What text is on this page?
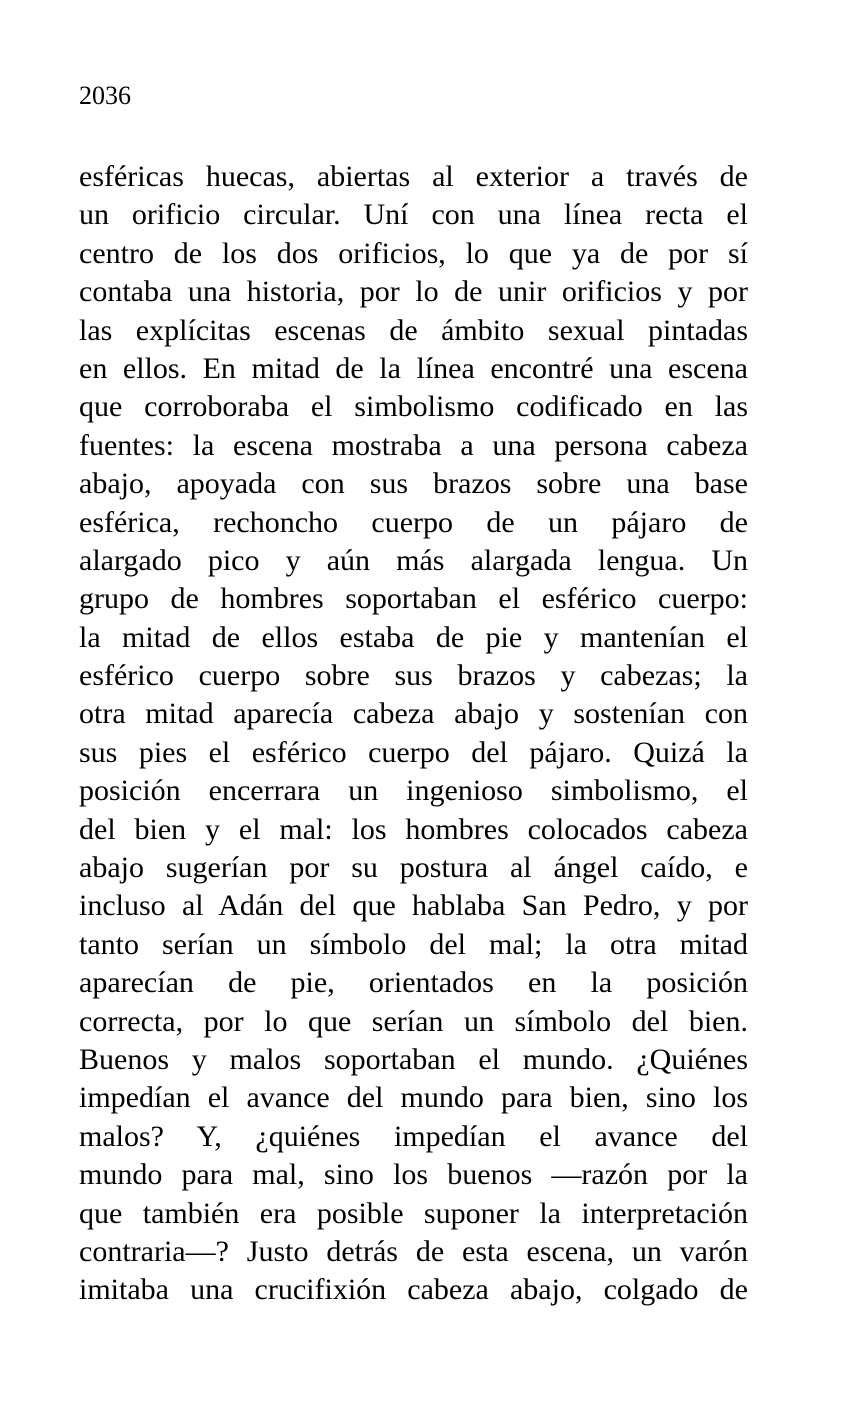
2036
esféricas huecas, abiertas al exterior a través de
un orificio circular. Uní con una línea recta el
centro de los dos orificios, lo que ya de por sí
contaba una historia, por lo de unir orificios y por
las explícitas escenas de ámbito sexual pintadas
en ellos. En mitad de la línea encontré una escena
que corroboraba el simbolismo codificado en las
fuentes: la escena mostraba a una persona cabeza
abajo, apoyada con sus brazos sobre una base
esférica, rechoncho cuerpo de un pájaro de
alargado pico y aún más alargada lengua. Un
grupo de hombres soportaban el esférico cuerpo:
la mitad de ellos estaba de pie y mantenían el
esférico cuerpo sobre sus brazos y cabezas; la
otra mitad aparecía cabeza abajo y sostenían con
sus pies el esférico cuerpo del pájaro. Quizá la
posición encerrara un ingenioso simbolismo, el
del bien y el mal: los hombres colocados cabeza
abajo sugerían por su postura al ángel caído, e
incluso al Adán del que hablaba San Pedro, y por
tanto serían un símbolo del mal; la otra mitad
aparecían de pie, orientados en la posición
correcta, por lo que serían un símbolo del bien.
Buenos y malos soportaban el mundo. ¿Quiénes
impedían el avance del mundo para bien, sino los
malos? Y, ¿quiénes impedían el avance del
mundo para mal, sino los buenos —razón por la
que también era posible suponer la interpretación
contraria—? Justo detrás de esta escena, un varón
imitaba una crucifixión cabeza abajo, colgado de
